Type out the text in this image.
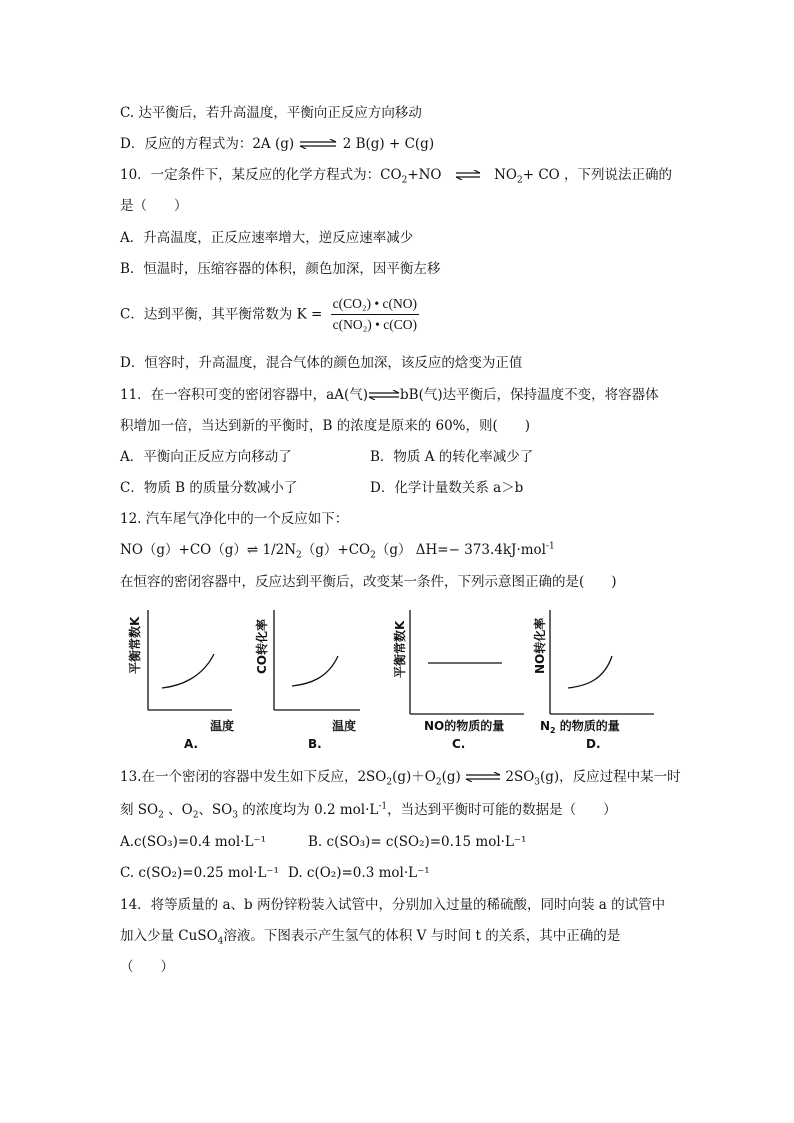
C. 达平衡后，若升高温度，平衡向正反应方向移动
D．反应的方程式为：2A (g) ⇌ 2 B(g) + C(g)
10．一定条件下，某反应的化学方程式为：$CO_2+NO$ ⇌ $NO_2+$ CO ，下列说法正确的
是（　　）
A．升高温度，正反应速率增大，逆反应速率减少
B．恒温时，压缩容器的体积，颜色加深，因平衡左移
C．达到平衡，其平衡常数为 $K = \frac{\text{c(CO₂) • c(NO)}}{\text{c(NO₂) • c(CO)}}$
D．恒容时，升高温度，混合气体的颜色加深，该反应的焓变为正值
11．在一容积可变的密闭容器中，aA(气)⇌bB(气)达平衡后，保持温度不变，将容器体
积增加一倍，当达到新的平衡时，B 的浓度是原来的 60%，则(　　)
A．平衡向正反应方向移动了	B．物质 A 的转化率减少了
C．物质 B 的质量分数减小了	D．化学计量数关系 a＞b
12. 汽车尾气净化中的一个反应如下：
NO（g）+CO（g）⇌ $1/2N_2(g)+CO_2(g)$ ΔH=− 373.4kJ·mol$^{-1}$
在恒容的密闭容器中，反应达到平衡后，改变某一条件，下列示意图正确的是(　　)
平衡常数K
温度
A.
CO转化率
温度
B.
平衡常数K
NO的物质的量
C.
NO转化率
$N_2$ 的物质的量
D.
13.在一个密闭的容器中发生如下反应，$2SO_2(g)+O_2(g)$ ⇌ $2SO_3(g)$，反应过程中某一时
刻 $SO_2$ 、$O_2$、$SO_3$ 的浓度均为 0.2 $mol\cdot L^{-1}$，当达到平衡时可能的数据是（　　）
A.c(SO₃)=0.4 mol·L⁻¹	B. c(SO₃)= c(SO₂)=0.15 mol·L⁻¹
C. c(SO₂)=0.25 mol·L⁻¹ D. c(O₂)=0.3 mol·L⁻¹
14．将等质量的 a、b 两份锌粉装入试管中，分别加入过量的稀硫酸，同时向装 a 的试管中
加入少量 CuSO$_4$溶液。下图表示产生氢气的体积 V 与时间 t 的关系，其中正确的是
（　　）
